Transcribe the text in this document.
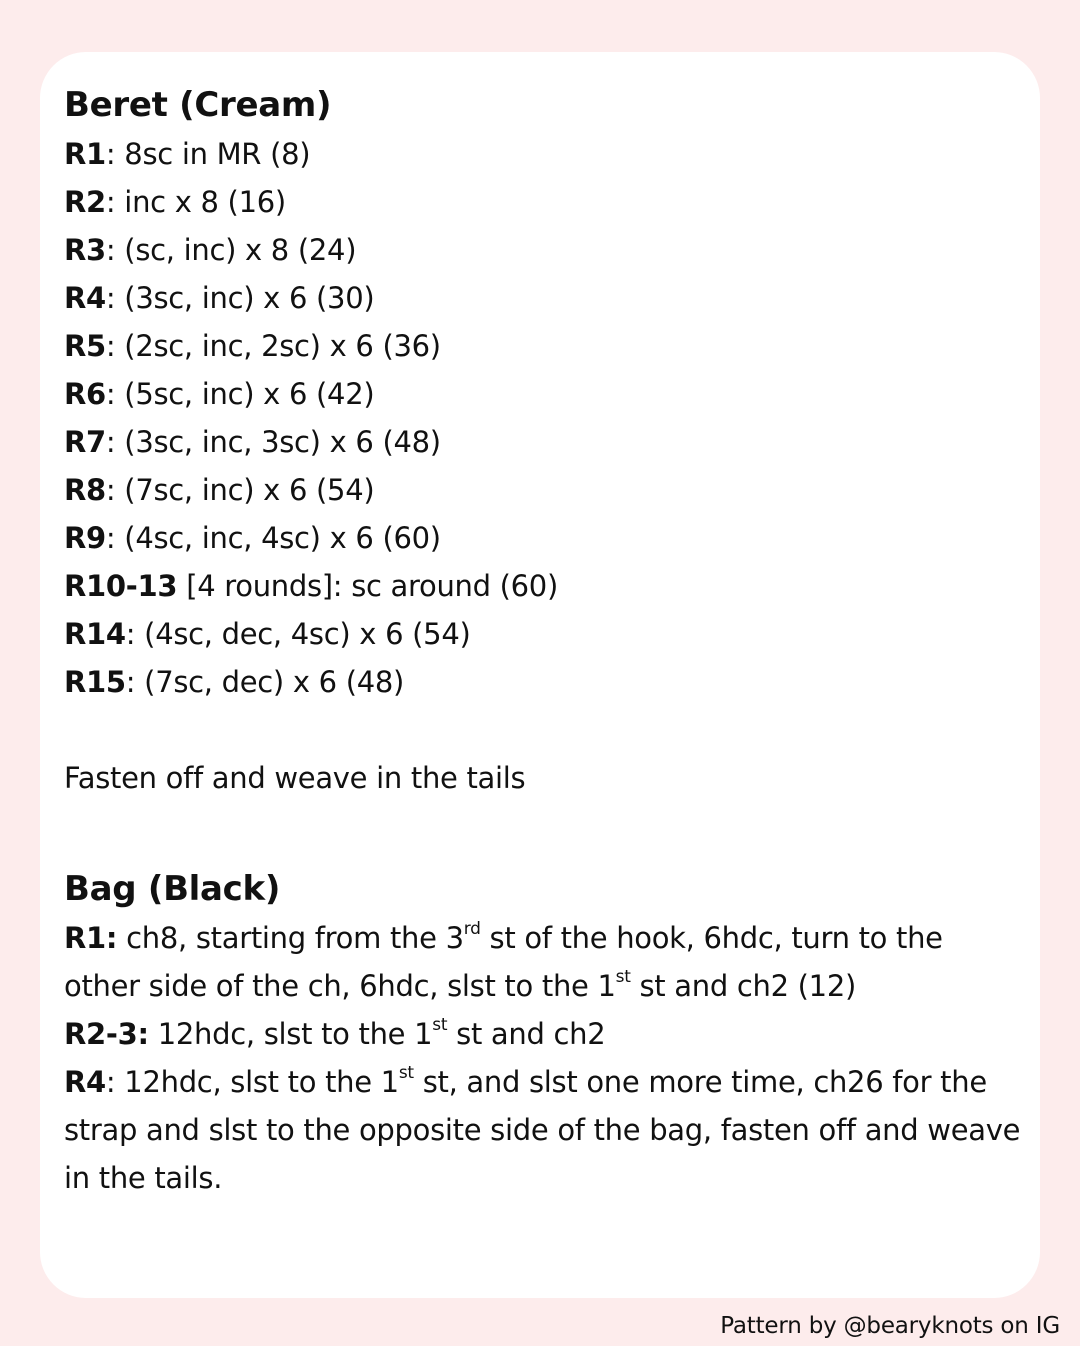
Beret (Cream)

R1: 8sc in MR (8)

R2: inc x 8 (16)

R3: (sc, inc) x 8 (24)

R4: (3sc, inc) x 6 (30)

R5: (2sc, inc, 2sc) x 6 (36)

R6: (5sc, inc) x 6 (42)

R7: (3sc, inc, 3sc) x 6 (48)

R8: (7sc, inc) x 6 (54)

R9: (4sc, inc, 4sc) x 6 (60)

R10-13 [4 rounds]: sc around (60)

R14: (4sc, dec, 4sc) x 6 (54)

R15: (7sc, dec) x 6 (48)

Fasten off and weave in the tails

Bag (Black)

R1: ch8, starting from the 3rd st of the hook, 6hdc, turn to the other side of the ch, 6hdc, slst to the 1st st and ch2 (12)

R2-3: 12hdc, slst to the 1st st and ch2

R4: 12hdc, slst to the 1st st, and slst one more time, ch26 for the strap and slst to the opposite side of the bag, fasten off and weave in the tails.

Pattern by @bearyknots on IG
